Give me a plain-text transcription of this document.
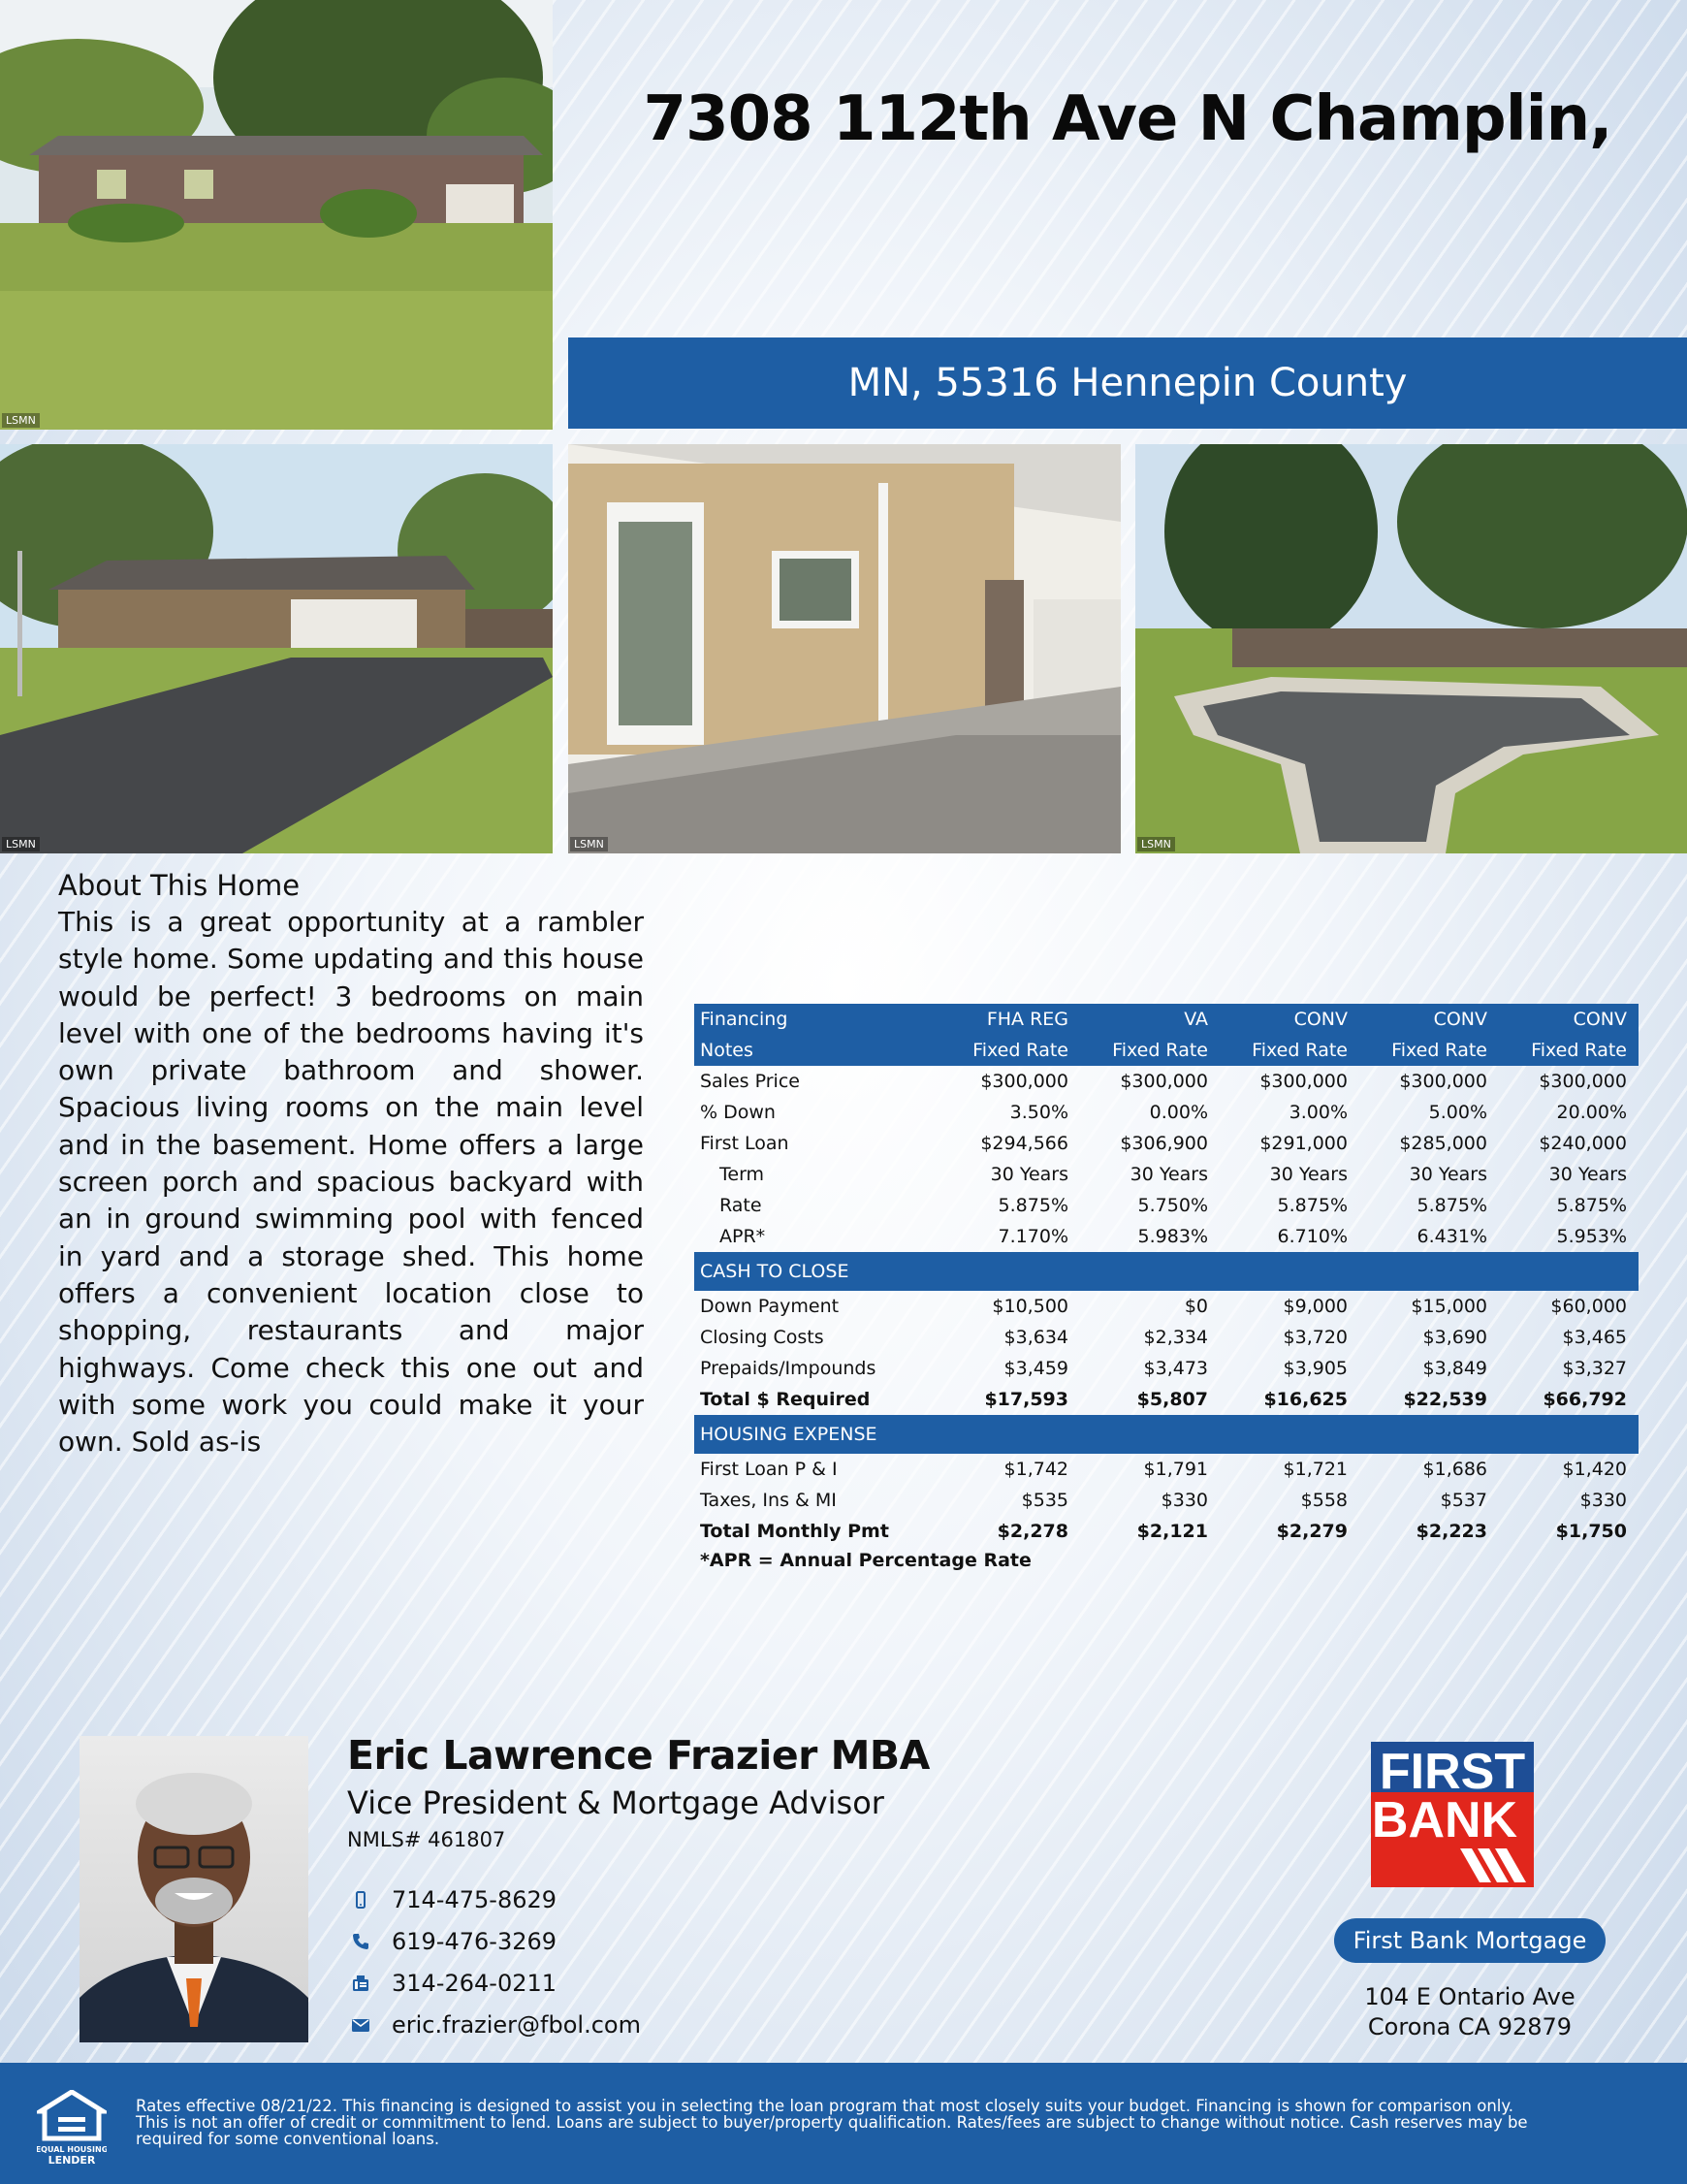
LSMN
7308 112th Ave N Champlin,
MN, 55316 Hennepin County
LSMN	LSMN	LSMN
About This Home
This is a great opportunity at a rambler style home. Some updating and this house would be perfect! 3 bedrooms on main level with one of the bedrooms having it's own private bathroom and shower. Spacious living rooms on the main level and in the basement. Home offers a large screen porch and spacious backyard with an in ground swimming pool with fenced in yard and a storage shed. This home offers a convenient location close to shopping, restaurants and major highways. Come check this one out and with some work you could make it your own. Sold as-is
Financing	FHA REG	VA	CONV	CONV	CONV
Notes	Fixed Rate	Fixed Rate	Fixed Rate	Fixed Rate	Fixed Rate
Sales Price	$300,000	$300,000	$300,000	$300,000	$300,000
% Down	3.50%	0.00%	3.00%	5.00%	20.00%
First Loan	$294,566	$306,900	$291,000	$285,000	$240,000
Term	30 Years	30 Years	30 Years	30 Years	30 Years
Rate	5.875%	5.750%	5.875%	5.875%	5.875%
APR*	7.170%	5.983%	6.710%	6.431%	5.953%
CASH TO CLOSE					
Down Payment	$10,500	$0	$9,000	$15,000	$60,000
Closing Costs	$3,634	$2,334	$3,720	$3,690	$3,465
Prepaids/Impounds	$3,459	$3,473	$3,905	$3,849	$3,327
Total $ Required	$17,593	$5,807	$16,625	$22,539	$66,792
HOUSING EXPENSE					
First Loan P & I	$1,742	$1,791	$1,721	$1,686	$1,420
Taxes, Ins & MI	$535	$330	$558	$537	$330
Total Monthly Pmt	$2,278	$2,121	$2,279	$2,223	$1,750
*APR = Annual Percentage Rate
Eric Lawrence Frazier MBA
Vice President & Mortgage Advisor
NMLS# 461807
714-475-8629
619-476-3269
314-264-0211
eric.frazier@fbol.com
FIRST
BANK
First Bank Mortgage
104 E Ontario Ave
Corona CA 92879
EQUAL HOUSING
LENDER
Rates effective 08/21/22. This financing is designed to assist you in selecting the loan program that most closely suits your budget. Financing is shown for comparison only. This is not an offer of credit or commitment to lend. Loans are subject to buyer/property qualification. Rates/fees are subject to change without notice. Cash reserves may be required for some conventional loans.
